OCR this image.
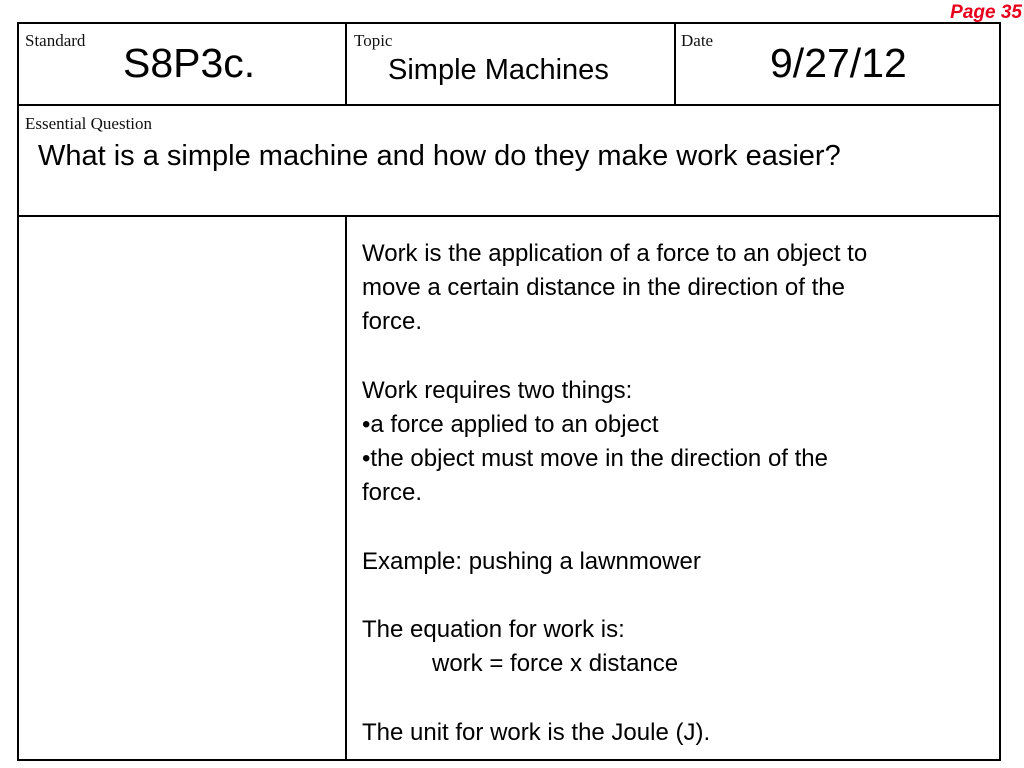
Page 35
Standard S8P3c.	Topic
Simple Machines
Date 9/27/12
Essential Question
What is a simple machine and how do they make work easier?
Work is the application of a force to an object to
move a certain distance in the direction of the
force.
Work requires two things:
•a force applied to an object
•the object must move in the direction of the
force.
Example: pushing a lawnmower
The equation for work is:
work = force x distance
The unit for work is the Joule (J).
